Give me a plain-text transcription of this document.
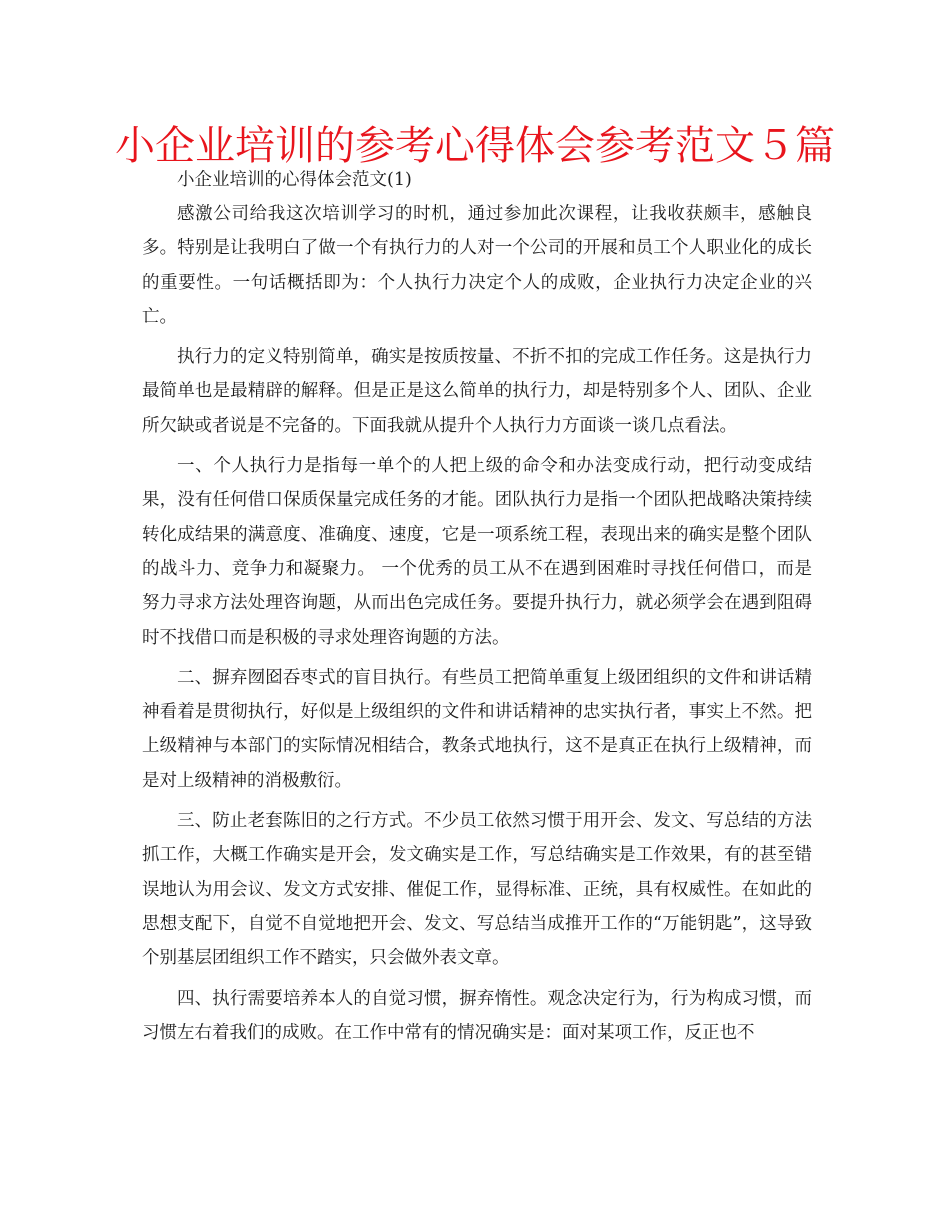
小企业培训的参考心得体会参考范文５篇

小企业培训的心得体会范文(1)

感激公司给我这次培训学习的时机，通过参加此次课程，让我收获颇丰，感触良多。特别是让我明白了做一个有执行力的人对一个公司的开展和员工个人职业化的成长的重要性。一句话概括即为：个人执行力决定个人的成败，企业执行力决定企业的兴亡。

执行力的定义特别简单，确实是按质按量、不折不扣的完成工作任务。这是执行力最简单也是最精辟的解释。但是正是这么简单的执行力，却是特别多个人、团队、企业所欠缺或者说是不完备的。下面我就从提升个人执行力方面谈一谈几点看法。

一、个人执行力是指每一单个的人把上级的命令和办法变成行动，把行动变成结果，没有任何借口保质保量完成任务的才能。团队执行力是指一个团队把战略决策持续转化成结果的满意度、准确度、速度，它是一项系统工程，表现出来的确实是整个团队的战斗力、竞争力和凝聚力。 一个优秀的员工从不在遇到困难时寻找任何借口，而是努力寻求方法处理咨询题，从而出色完成任务。要提升执行力，就必须学会在遇到阻碍时不找借口而是积极的寻求处理咨询题的方法。

二、摒弃囫囵吞枣式的盲目执行。有些员工把简单重复上级团组织的文件和讲话精神看着是贯彻执行，好似是上级组织的文件和讲话精神的忠实执行者，事实上不然。把上级精神与本部门的实际情况相结合，教条式地执行，这不是真正在执行上级精神，而是对上级精神的消极敷衍。

三、防止老套陈旧的之行方式。不少员工依然习惯于用开会、发文、写总结的方法抓工作，大概工作确实是开会，发文确实是工作，写总结确实是工作效果，有的甚至错误地认为用会议、发文方式安排、催促工作，显得标准、正统，具有权威性。在如此的思想支配下，自觉不自觉地把开会、发文、写总结当成推开工作的“万能钥匙”，这导致个别基层团组织工作不踏实，只会做外表文章。

四、执行需要培养本人的自觉习惯，摒弃惰性。观念决定行为，行为构成习惯，而习惯左右着我们的成败。在工作中常有的情况确实是：面对某项工作，反正也不
